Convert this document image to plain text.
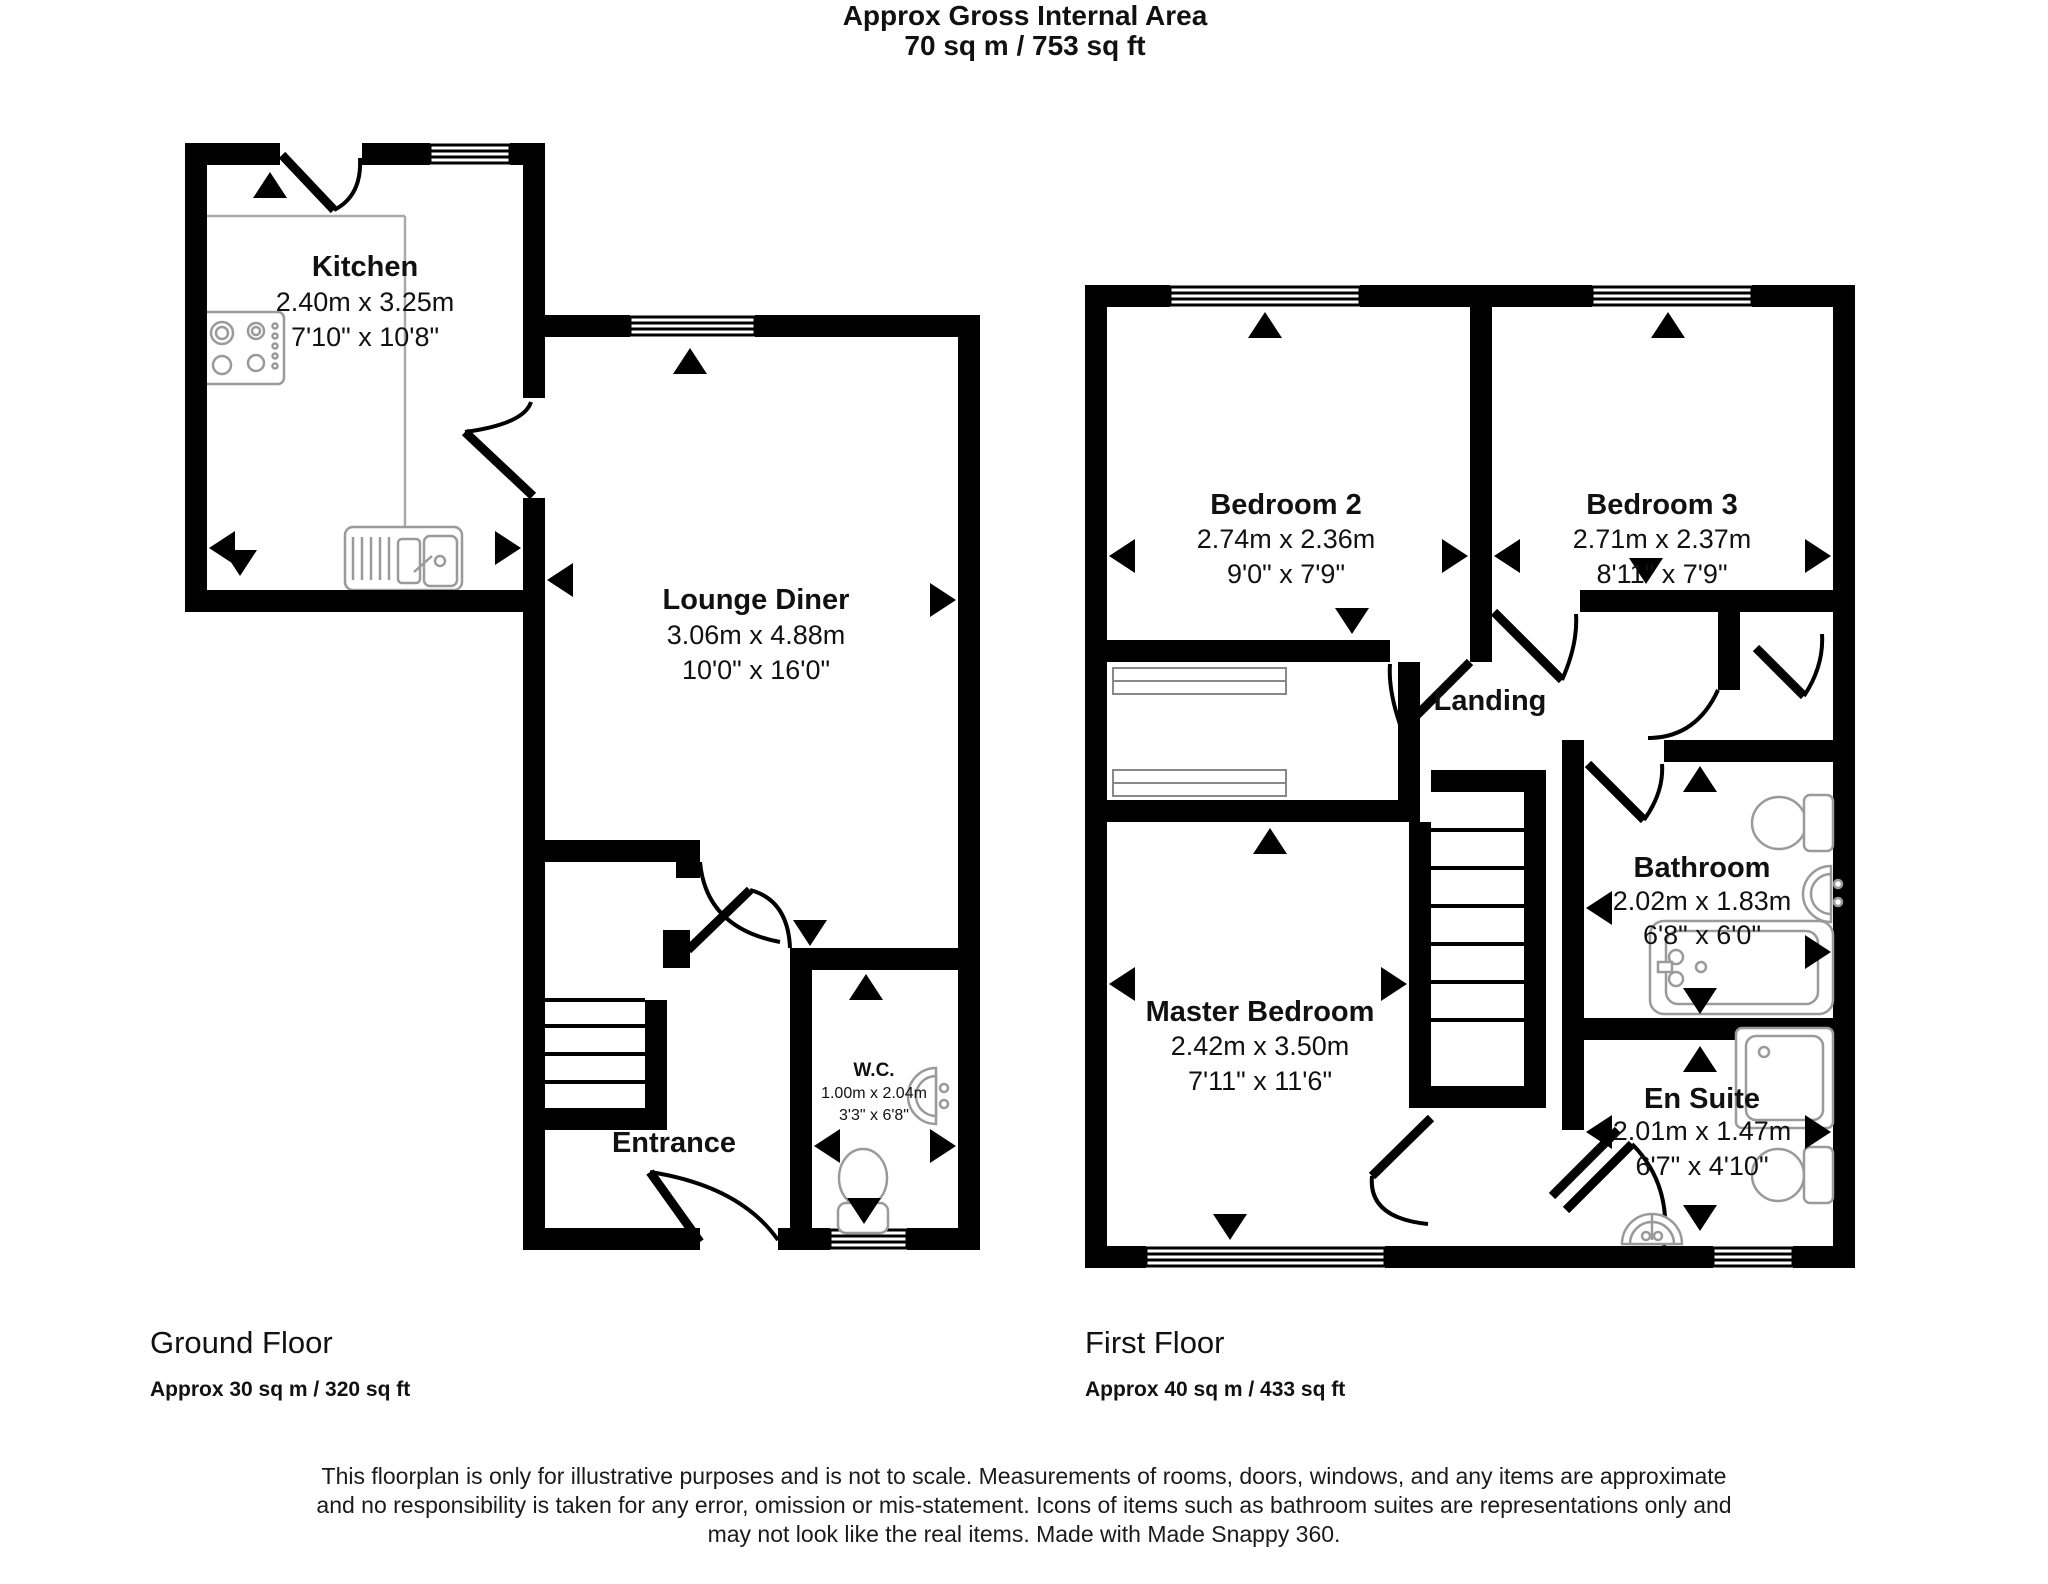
Approx Gross Internal Area
70 sq m / 753 sq ft
Kitchen
2.40m x 3.25m
7'10" x 10'8"
Lounge Diner
3.06m x 4.88m
10'0" x 16'0"
Entrance
W.C.
1.00m x 2.04m
3'3" x 6'8"
Bedroom 2
2.74m x 2.36m
9'0" x 7'9"
Bedroom 3
2.71m x 2.37m
8'11" x 7'9"
Landing
Master Bedroom
2.42m x 3.50m
7'11" x 11'6"
Bathroom
2.02m x 1.83m
6'8" x 6'0"
En Suite
2.01m x 1.47m
6'7" x 4'10"
Ground Floor
Approx 30 sq m / 320 sq ft
First Floor
Approx 40 sq m / 433 sq ft
This floorplan is only for illustrative purposes and is not to scale. Measurements of rooms, doors, windows, and any items are approximate
and no responsibility is taken for any error, omission or mis-statement. Icons of items such as bathroom suites are representations only and
may not look like the real items. Made with Made Snappy 360.
